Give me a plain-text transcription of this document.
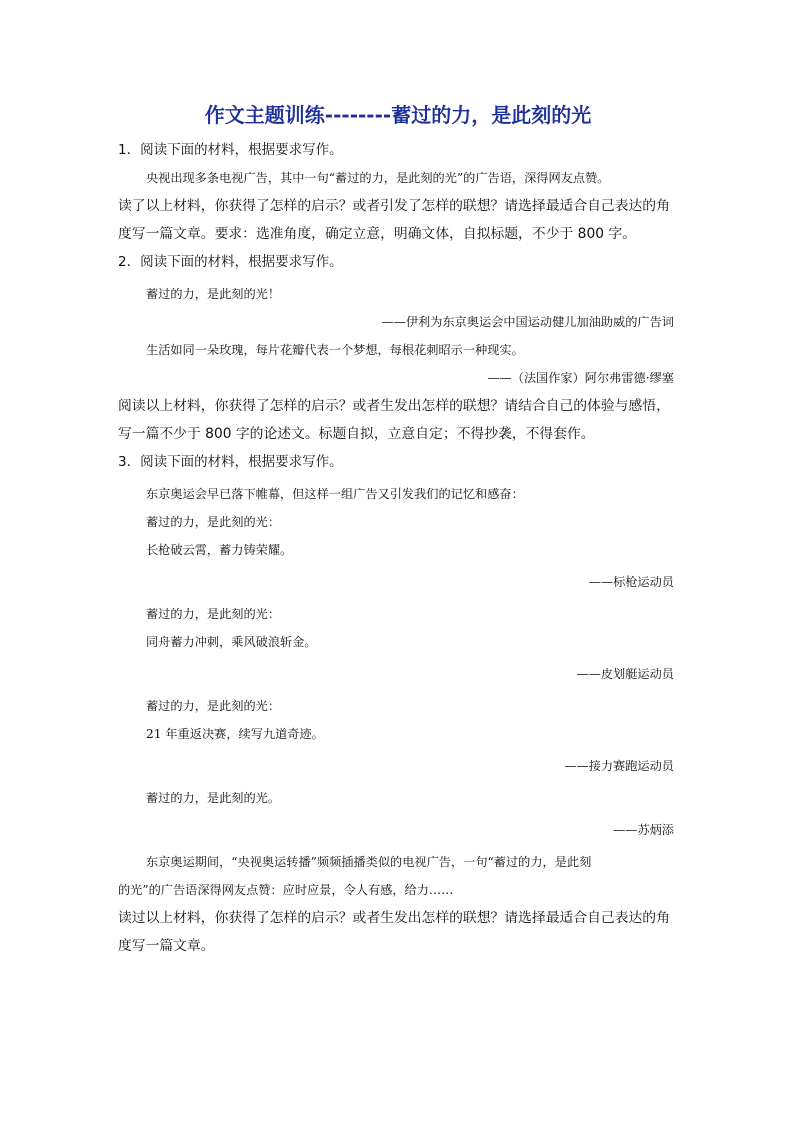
作文主题训练--------蓄过的力，是此刻的光
1．阅读下面的材料，根据要求写作。
央视出现多条电视广告，其中一句“蓄过的力，是此刻的光”的广告语，深得网友点赞。
读了以上材料，你获得了怎样的启示？或者引发了怎样的联想？请选择最适合自己表达的角
度写一篇文章。要求：选准角度，确定立意，明确文体，自拟标题，不少于 800 字。
2．阅读下面的材料，根据要求写作。
蓄过的力，是此刻的光！
——伊利为东京奥运会中国运动健儿加油助威的广告词
生活如同一朵玫瑰，每片花瓣代表一个梦想，每根花刺昭示一种现实。
——（法国作家）阿尔弗雷德·缪塞
阅读以上材料，你获得了怎样的启示？或者生发出怎样的联想？请结合自己的体验与感悟，
写一篇不少于 800 字的论述文。标题自拟，立意自定；不得抄袭，不得套作。
3．阅读下面的材料，根据要求写作。
东京奥运会早已落下帷幕，但这样一组广告又引发我们的记忆和感奋：
蓄过的力，是此刻的光：
长枪破云霄，蓄力铸荣耀。
——标枪运动员
蓄过的力，是此刻的光：
同舟蓄力冲刺，乘风破浪斩金。
——皮划艇运动员
蓄过的力，是此刻的光：
21 年重返决赛，续写九道奇迹。
——接力赛跑运动员
蓄过的力，是此刻的光。
——苏炳添
东京奥运期间，“央视奥运转播”频频插播类似的电视广告，一句“蓄过的力，是此刻
的光”的广告语深得网友点赞：应时应景，令人有感，给力……
读过以上材料，你获得了怎样的启示？或者生发出怎样的联想？请选择最适合自己表达的角
度写一篇文章。
